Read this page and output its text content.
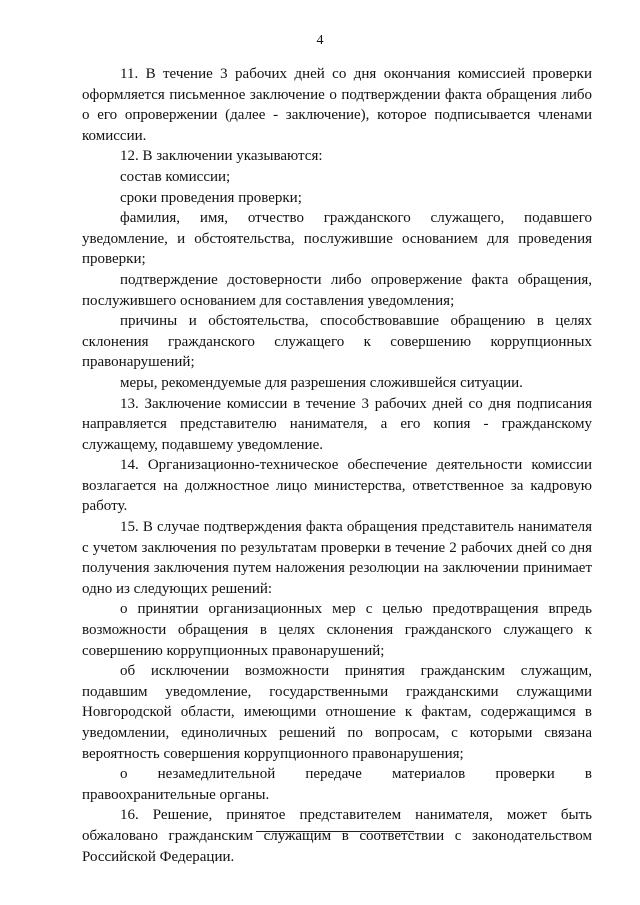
4

11. В течение 3 рабочих дней со дня окончания комиссией проверки оформляется письменное заключение о подтверждении факта обращения либо о его опровержении (далее - заключение), которое подписывается членами комиссии.

12. В заключении указываются:

состав комиссии;

сроки проведения проверки;

фамилия, имя, отчество гражданского служащего, подавшего уведомление, и обстоятельства, послужившие основанием для проведения проверки;

подтверждение достоверности либо опровержение факта обращения, послужившего основанием для составления уведомления;

причины и обстоятельства, способствовавшие обращению в целях склонения гражданского служащего к совершению коррупционных правонарушений;

меры, рекомендуемые для разрешения сложившейся ситуации.

13. Заключение комиссии в течение 3 рабочих дней со дня подписания направляется представителю нанимателя, а его копия - гражданскому служащему, подавшему уведомление.

14. Организационно-техническое обеспечение деятельности комиссии возлагается на должностное лицо министерства, ответственное за кадровую работу.

15. В случае подтверждения факта обращения представитель нанимателя с учетом заключения по результатам проверки в течение 2 рабочих дней со дня получения заключения путем наложения резолюции на заключении принимает одно из следующих решений:

о принятии организационных мер с целью предотвращения впредь возможности обращения в целях склонения гражданского служащего к совершению коррупционных правонарушений;

об исключении возможности принятия гражданским служащим, подавшим уведомление, государственными гражданскими служащими Новгородской области, имеющими отношение к фактам, содержащимся в уведомлении, единоличных решений по вопросам, с которыми связана вероятность совершения коррупционного правонарушения;

о незамедлительной передаче материалов проверки в правоохранительные органы.

16. Решение, принятое представителем нанимателя, может быть обжаловано гражданским служащим в соответствии с законодательством Российской Федерации.
